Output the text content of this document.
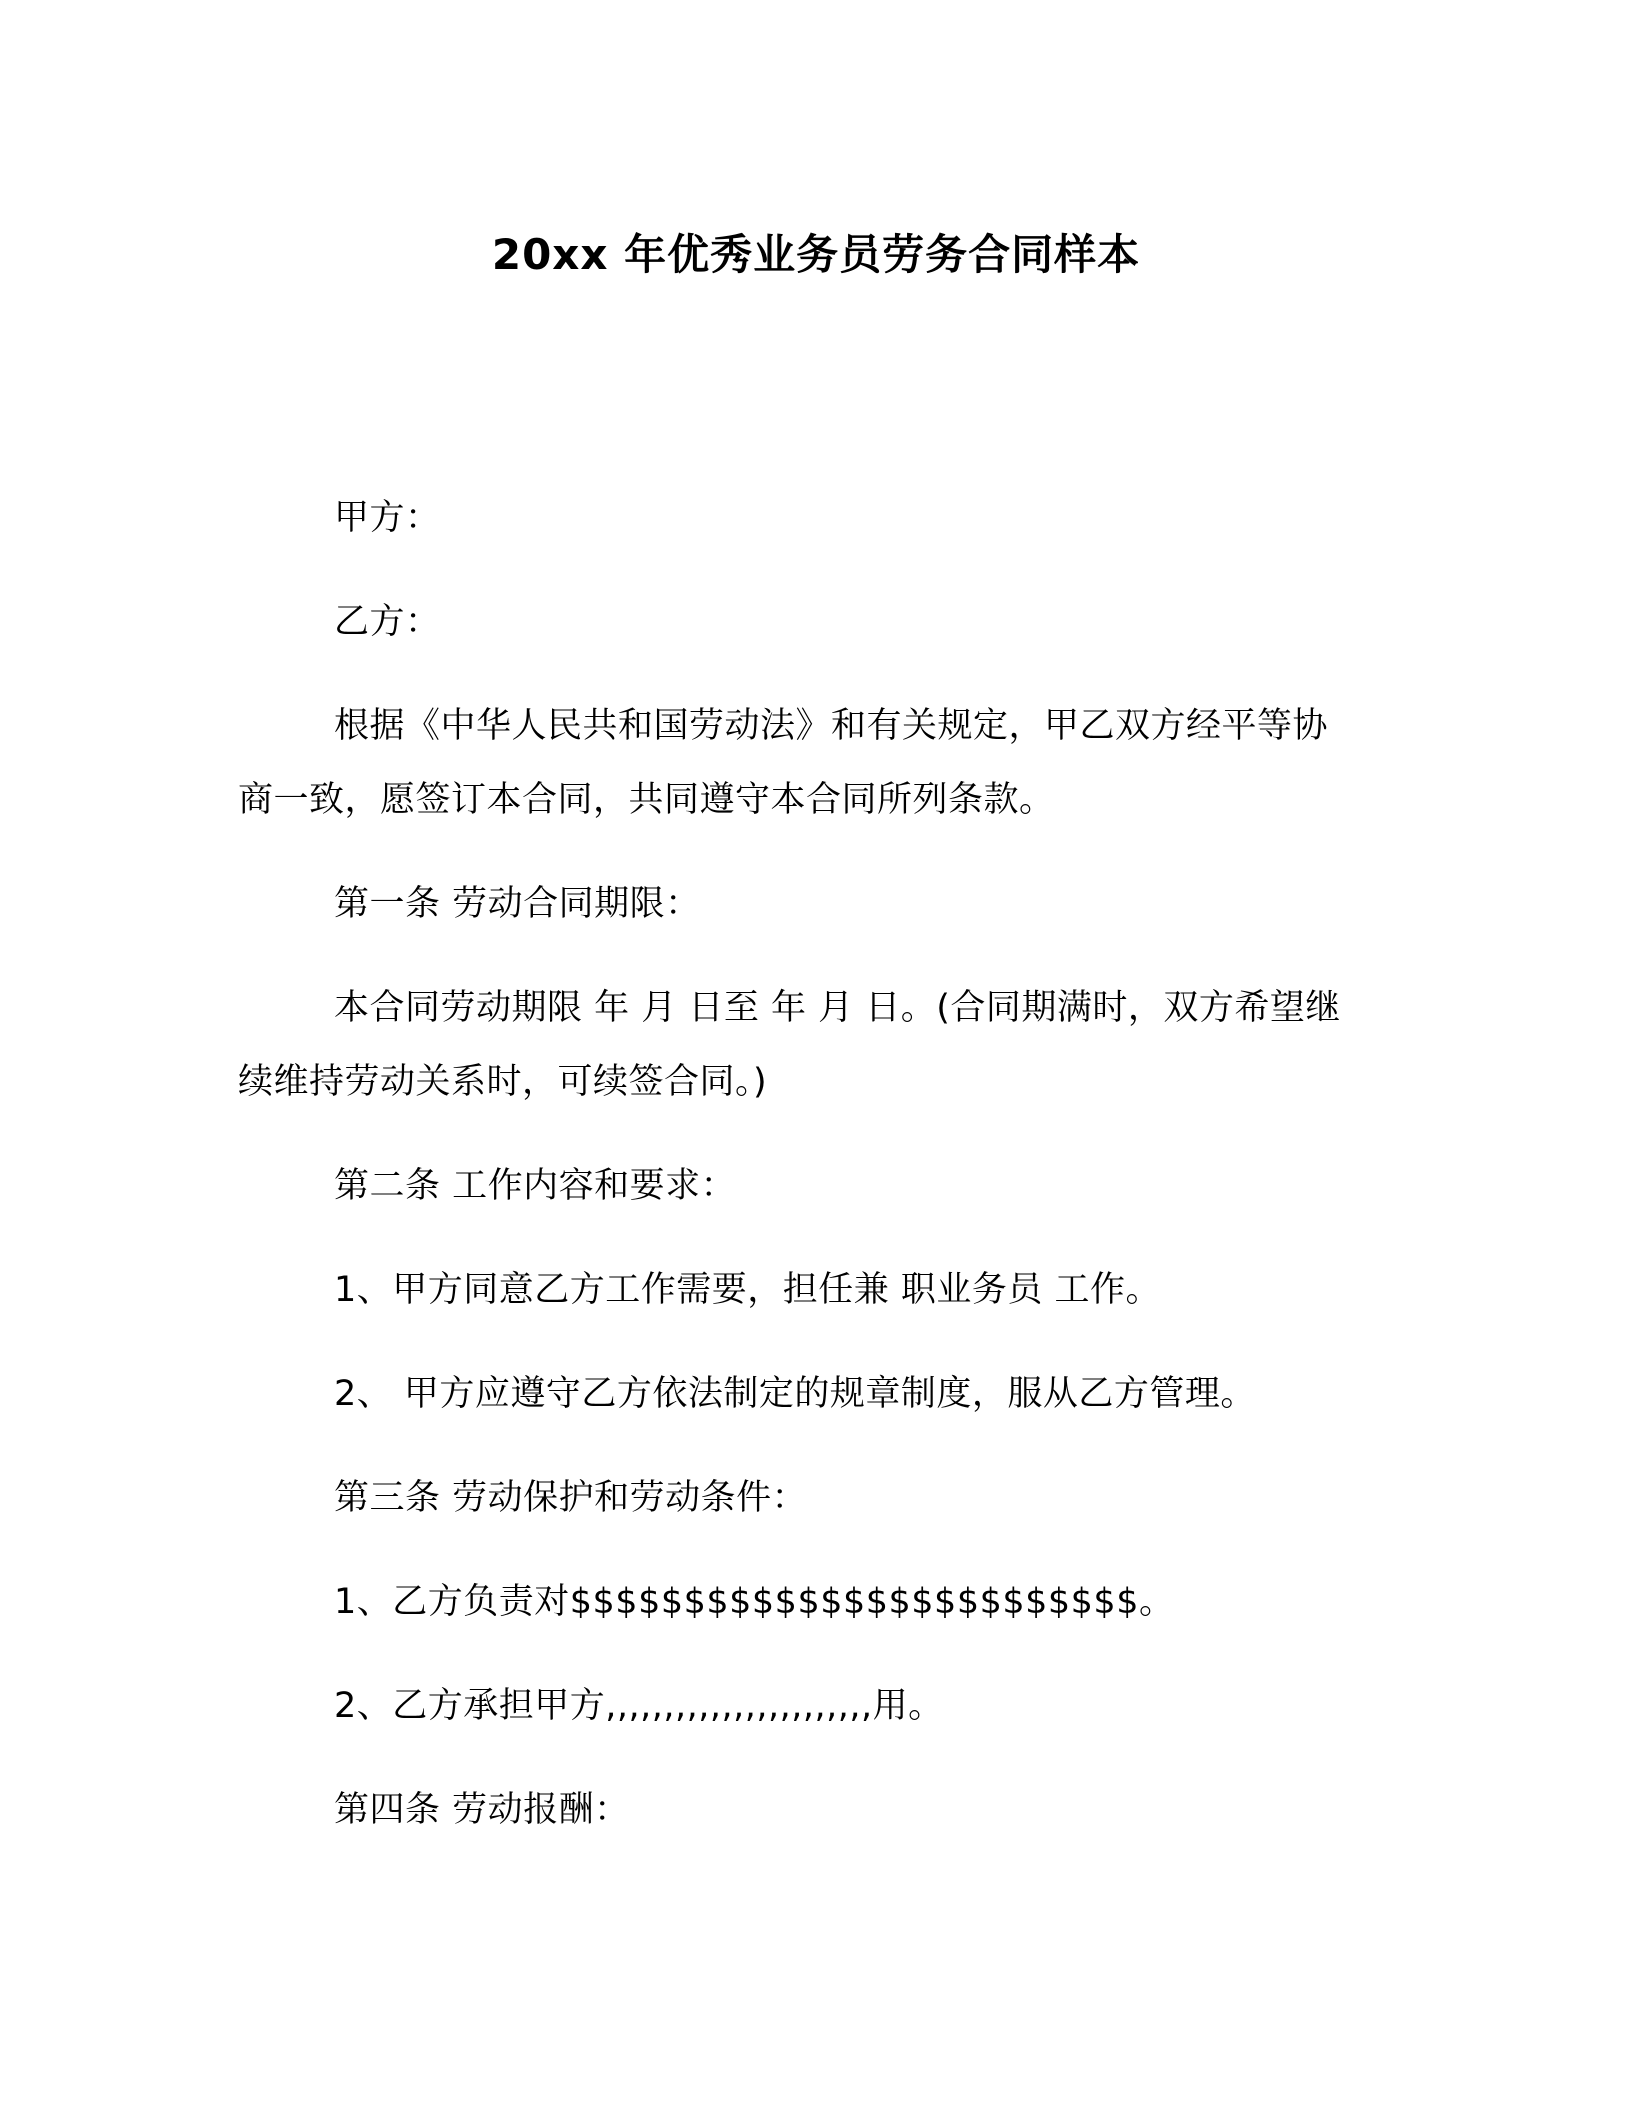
20xx 年优秀业务员劳务合同样本
甲方：
乙方：
根据《中华人民共和国劳动法》和有关规定，甲乙双方经平等协
商一致，愿签订本合同，共同遵守本合同所列条款。
第一条 劳动合同期限：
本合同劳动期限 年 月 日至 年 月 日。(合同期满时，双方希望继
续维持劳动关系时，可续签合同。)
第二条 工作内容和要求：
1、甲方同意乙方工作需要，担任兼 职业务员 工作。
2、 甲方应遵守乙方依法制定的规章制度，服从乙方管理。
第三条 劳动保护和劳动条件：
1、乙方负责对$$$$$$$$$$$$$$$$$$$$$$$$$。
2、乙方承担甲方,,,,,,,,,,,,,,,,,,,,,,,用。
第四条 劳动报酬：
